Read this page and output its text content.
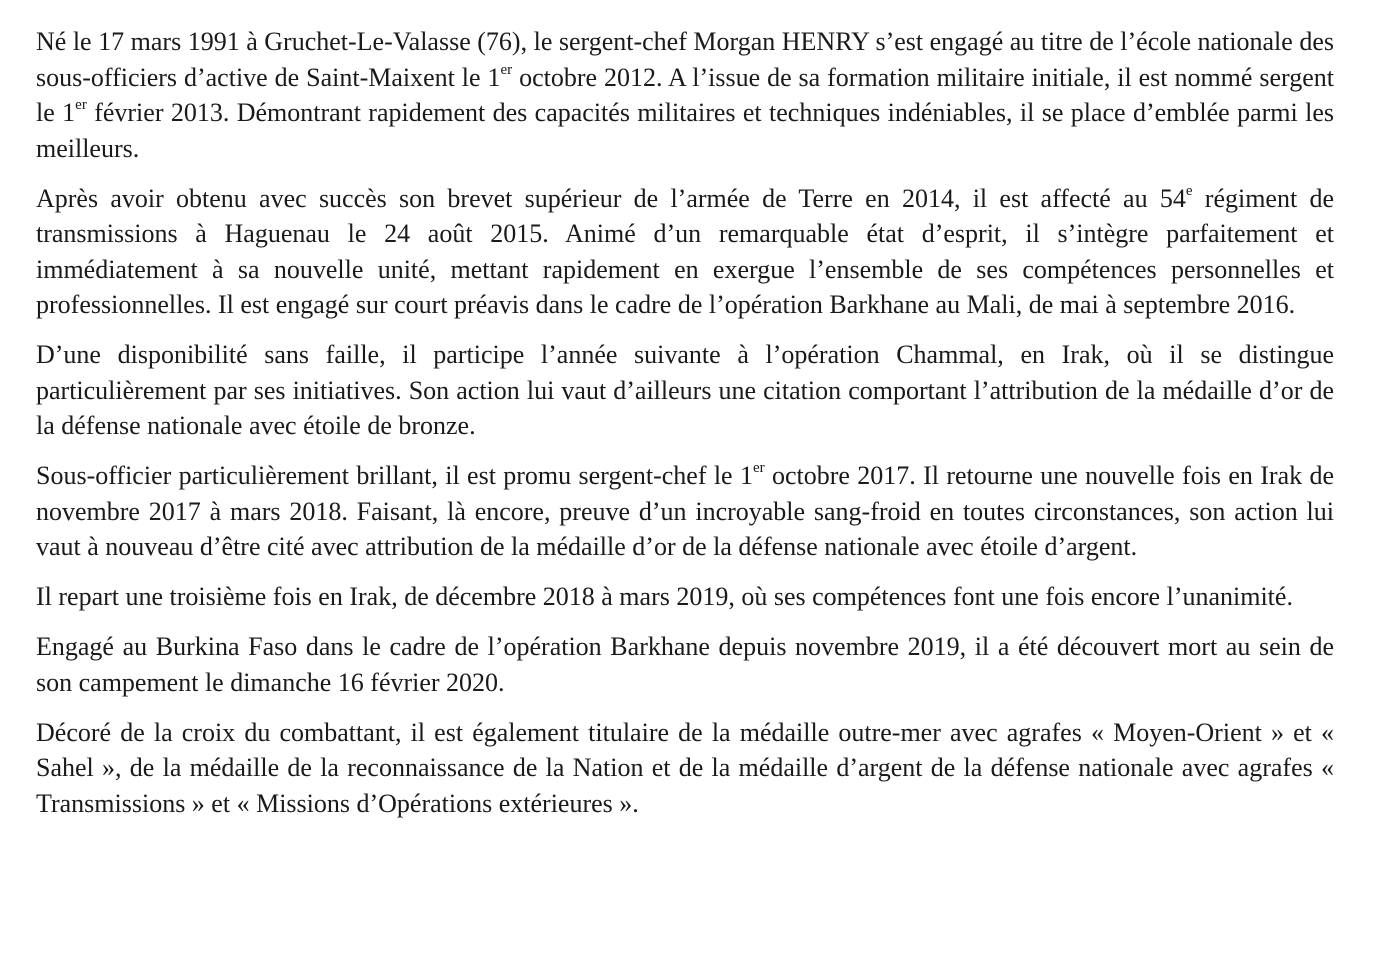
Né le 17 mars 1991 à Gruchet-Le-Valasse (76), le sergent-chef Morgan HENRY s’est engagé au titre de l’école nationale des sous-officiers d’active de Saint-Maixent le 1er octobre 2012. A l’issue de sa formation militaire initiale, il est nommé sergent le 1er février 2013. Démontrant rapidement des capacités militaires et techniques indéniables, il se place d’emblée parmi les meilleurs.

Après avoir obtenu avec succès son brevet supérieur de l’armée de Terre en 2014, il est affecté au 54e régiment de transmissions à Haguenau le 24 août 2015. Animé d’un remarquable état d’esprit, il s’intègre parfaitement et immédiatement à sa nouvelle unité, mettant rapidement en exergue l’ensemble de ses compétences personnelles et professionnelles. Il est engagé sur court préavis dans le cadre de l’opération Barkhane au Mali, de mai à septembre 2016.

D’une disponibilité sans faille, il participe l’année suivante à l’opération Chammal, en Irak, où il se distingue particulièrement par ses initiatives. Son action lui vaut d’ailleurs une citation comportant l’attribution de la médaille d’or de la défense nationale avec étoile de bronze.

Sous-officier particulièrement brillant, il est promu sergent-chef le 1er octobre 2017. Il retourne une nouvelle fois en Irak de novembre 2017 à mars 2018. Faisant, là encore, preuve d’un incroyable sang-froid en toutes circonstances, son action lui vaut à nouveau d’être cité avec attribution de la médaille d’or de la défense nationale avec étoile d’argent.

Il repart une troisième fois en Irak, de décembre 2018 à mars 2019, où ses compétences font une fois encore l’unanimité.

Engagé au Burkina Faso dans le cadre de l’opération Barkhane depuis novembre 2019, il a été découvert mort au sein de son campement le dimanche 16 février 2020.

Décoré de la croix du combattant, il est également titulaire de la médaille outre-mer avec agrafes « Moyen-Orient » et « Sahel », de la médaille de la reconnaissance de la Nation et de la médaille d’argent de la défense nationale avec agrafes « Transmissions » et « Missions d’Opérations extérieures ».
